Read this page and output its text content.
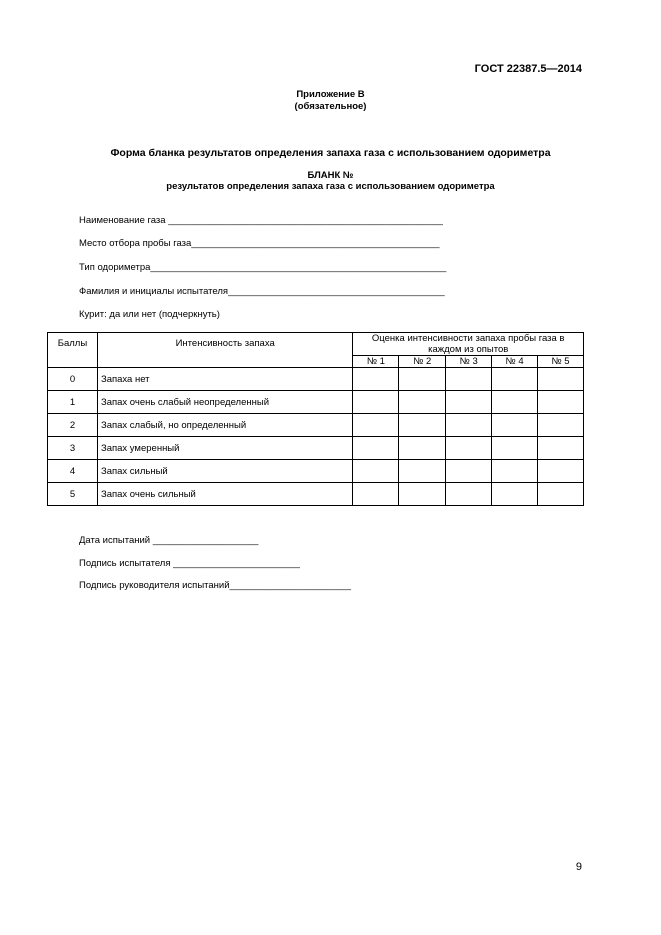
ГОСТ 22387.5—2014
Приложение В
(обязательное)
Форма бланка результатов определения запаха газа с использованием одориметра
БЛАНК №
результатов определения запаха газа с использованием одориметра
Наименование газа ____________________________________________________
Место отбора пробы газа_______________________________________________
Тип одориметра________________________________________________________
Фамилия и инициалы испытателя_________________________________________
Курит: да или нет (подчеркнуть)
Баллы	Интенсивность запаха	Оценка интенсивности запаха пробы газа в каждом из опытов				
		№ 1	№ 2	№ 3	№ 4	№ 5
0	Запаха нет					
1	Запах очень слабый неопределенный					
2	Запах слабый, но определенный					
3	Запах умеренный					
4	Запах сильный					
5	Запах очень сильный					
Дата испытаний ____________________
Подпись испытателя ________________________
Подпись руководителя испытаний_______________________
9
